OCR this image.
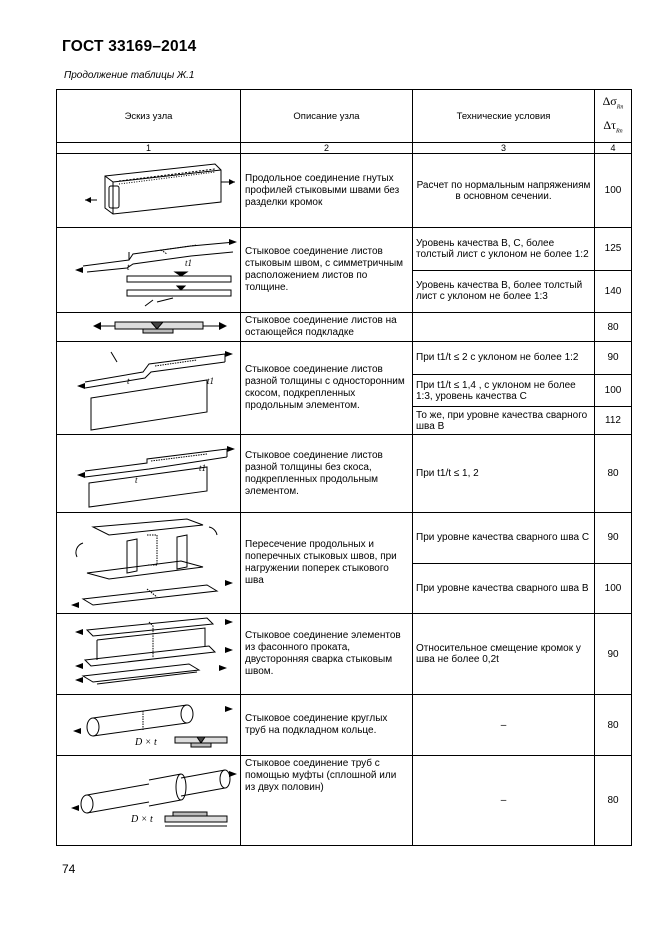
ГОСТ 33169–2014
Продолжение таблицы Ж.1
Эскиз узла	Описание узла	Технические условия	$\Delta\sigma_{Rn}$
$\Delta\tau_{Rn}$

1	2	3	4

	Продольное соединение гнутых профилей стыковыми швами без разделки кромок	Расчет по нормальным напряжениям в основном сечении.	100

t t1	Стыковое соединение листов стыковым швом, с симметричным расположением листов по толщине.	Уровень качества B, C, более толстый лист с уклоном не более 1:2	125
		Уровень качества B, более толстый лист с уклоном не более 1:3	140

	Стыковое соединение листов на остающейся подкладке		80

t t1	Стыковое соединение листов разной толщины с односторонним скосом, подкрепленных продольным элементом.	При t1/t ≤ 2 с уклоном не более 1:2	90
		При t1/t ≤ 1,4 , с уклоном не более 1:3, уровень качества C	100
		То же, при уровне качества сварного шва B	112

t
t1	Стыковое соединение листов разной толщины без скоса, подкрепленных продольным элементом.	При t1/t ≤ 1, 2	80

	Пересечение продольных и поперечных стыковых швов, при нагружении поперек стыкового шва	При уровне качества сварного шва C	90
		При уровне качества сварного шва B	100

	Стыковое соединение элементов из фасонного проката, двусторонняя сварка стыковым швом.	Относительное смещение кромок у шва не более 0,2t	90

D × t	Стыковое соединение круглых труб на подкладном кольце.	–	80

D × t	Стыковое соединение труб с помощью муфты (сплошной или из двух половин)	–	80
74
